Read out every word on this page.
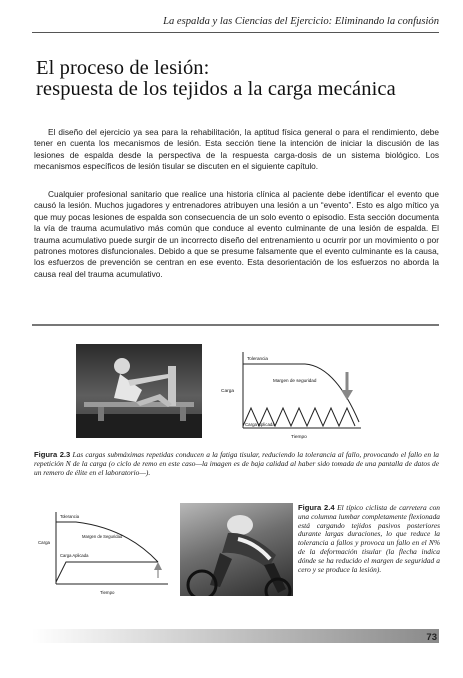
La espalda y las Ciencias del Ejercicio: Eliminando la confusión
El proceso de lesión:
respuesta de los tejidos a la carga mecánica

El diseño del ejercicio ya sea para la rehabilitación, la aptitud física general o para el rendimiento, debe tener en cuenta los mecanismos de lesión. Esta sección tiene la intención de iniciar la discusión de las lesiones de espalda desde la perspectiva de la respuesta carga-dosis de un sistema biológico. Los mecanismos específicos de lesión tisular se discuten en el siguiente capítulo.

Cualquier profesional sanitario que realice una historia clínica al paciente debe identificar el evento que causó la lesión. Muchos jugadores y entrenadores atribuyen una lesión a un “evento”. Esto es algo mítico ya que muy pocas lesiones de espalda son consecuencia de un solo evento o episodio. Esta sección documenta la vía de trauma acumulativo más común que conduce al evento culminante de una lesión de espalda. El trauma acumulativo puede surgir de un incorrecto diseño del entrenamiento u ocurrir por un movimiento o por patrones motores disfuncionales. Debido a que se presume falsamente que el evento culminante es la causa, los esfuerzos de prevención se centran en ese evento. Esta desorientación de los esfuerzos no aborda la causa real del trauma acumulativo.

Tolerancia
Margen de seguridad
Carga
Carga Aplicada
Tiempo

Figura 2.3 Las cargas submáximas repetidas conducen a la fatiga tisular, reduciendo la tolerancia al fallo, provocando el fallo en la repetición N de la carga (o ciclo de remo en este caso—la imagen es de baja calidad al haber sido tomada de una pantalla de datos de un remero de élite en el laboratorio—).

Tolerancia
Margen de Seguridad
Carga
Carga Aplicada
Tiempo

Figura 2.4 El típico ciclista de carretera con una columna lumbar completamente flexionada está cargando tejidos pasivos posteriores durante largas duraciones, lo que reduce la tolerancia a fallos y provoca un fallo en el N% de la deformación tisular (la flecha indica dónde se ha reducido el margen de seguridad a cero y se produce la lesión).

73
